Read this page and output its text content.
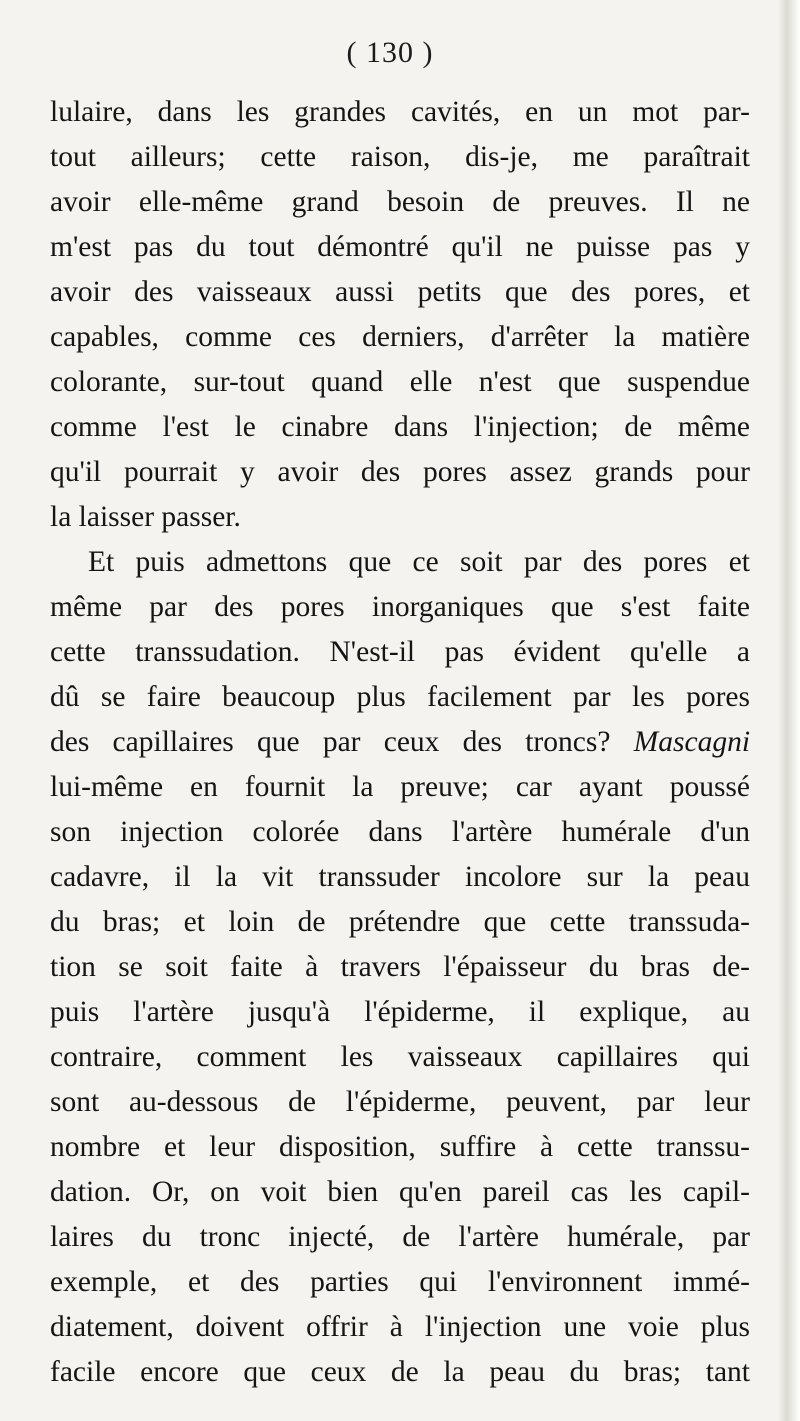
( 130 )
lulaire, dans les grandes cavités, en un mot par-
tout ailleurs; cette raison, dis-je, me paraîtrait
avoir elle-même grand besoin de preuves. Il ne
m'est pas du tout démontré qu'il ne puisse pas y
avoir des vaisseaux aussi petits que des pores, et
capables, comme ces derniers, d'arrêter la matière
colorante, sur-tout quand elle n'est que suspendue
comme l'est le cinabre dans l'injection; de même
qu'il pourrait y avoir des pores assez grands pour
la laisser passer.
Et puis admettons que ce soit par des pores et
même par des pores inorganiques que s'est faite
cette transsudation. N'est-il pas évident qu'elle a
dû se faire beaucoup plus facilement par les pores
des capillaires que par ceux des troncs? Mascagni
lui-même en fournit la preuve; car ayant poussé
son injection colorée dans l'artère humérale d'un
cadavre, il la vit transsuder incolore sur la peau
du bras; et loin de prétendre que cette transsuda-
tion se soit faite à travers l'épaisseur du bras de-
puis l'artère jusqu'à l'épiderme, il explique, au
contraire, comment les vaisseaux capillaires qui
sont au-dessous de l'épiderme, peuvent, par leur
nombre et leur disposition, suffire à cette transsu-
dation. Or, on voit bien qu'en pareil cas les capil-
laires du tronc injecté, de l'artère humérale, par
exemple, et des parties qui l'environnent immé-
diatement, doivent offrir à l'injection une voie plus
facile encore que ceux de la peau du bras; tant
